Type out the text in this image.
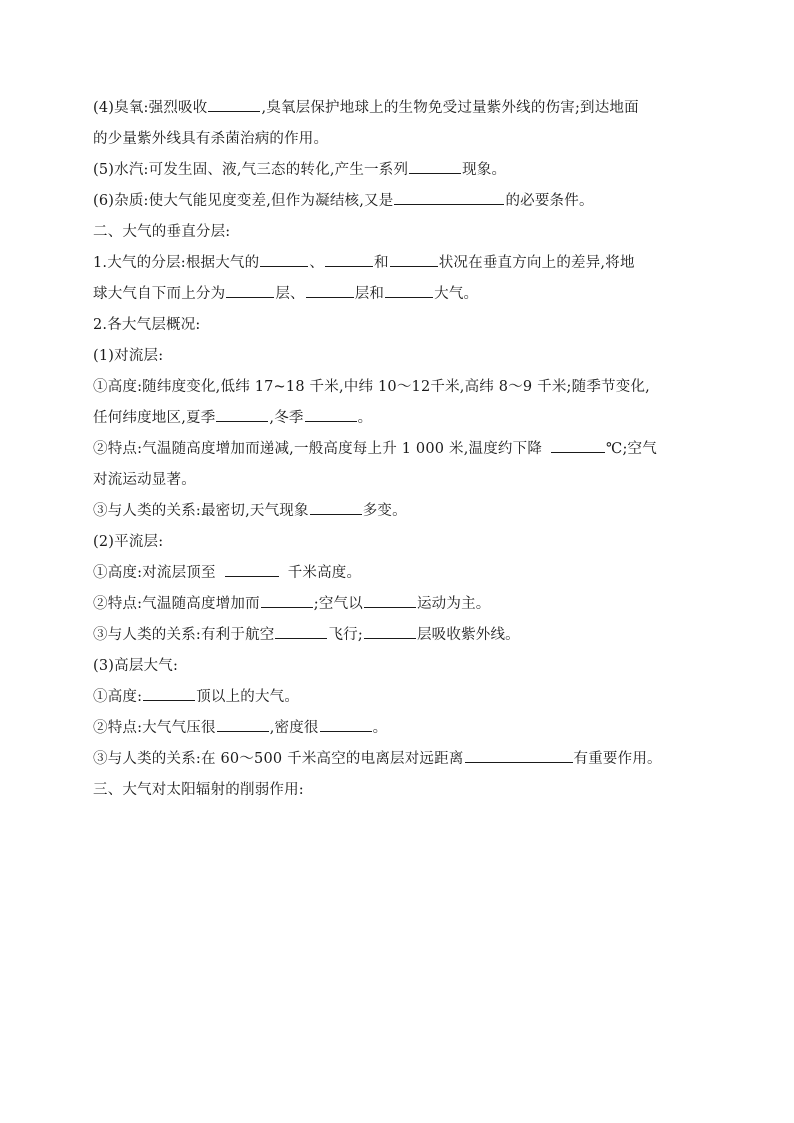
(4)臭氧:强烈吸收	,臭氧层保护地球上的生物免受过量紫外线的伤害;到达地面
的少量紫外线具有杀菌治病的作用。
(5)水汽:可发生固、液,气三态的转化,产生一系列	现象。
(6)杂质:使大气能见度变差,但作为凝结核,又是	的必要条件。
二、大气的垂直分层:
1.大气的分层:根据大气的	、	和	状况在垂直方向上的差异,将地
球大气自下而上分为	层、	层和	大气。
2.各大气层概况:
(1)对流层:
①高度:随纬度变化,低纬 17~18 千米,中纬 10～12千米,高纬 8～9 千米;随季节变化,
任何纬度地区,夏季	,冬季	。
②特点:气温随高度增加而递减,一般高度每上升 1 000 米,温度约下降	℃;空气
对流运动显著。
③与人类的关系:最密切,天气现象	多变。
(2)平流层:
①高度:对流层顶至	千米高度。
②特点:气温随高度增加而	;空气以	运动为主。
③与人类的关系:有利于航空	飞行;	层吸收紫外线。
(3)高层大气:
①高度:	顶以上的大气。
②特点:大气气压很	,密度很	。
③与人类的关系:在 60～500 千米高空的电离层对远距离	有重要作用。
三、大气对太阳辐射的削弱作用:
